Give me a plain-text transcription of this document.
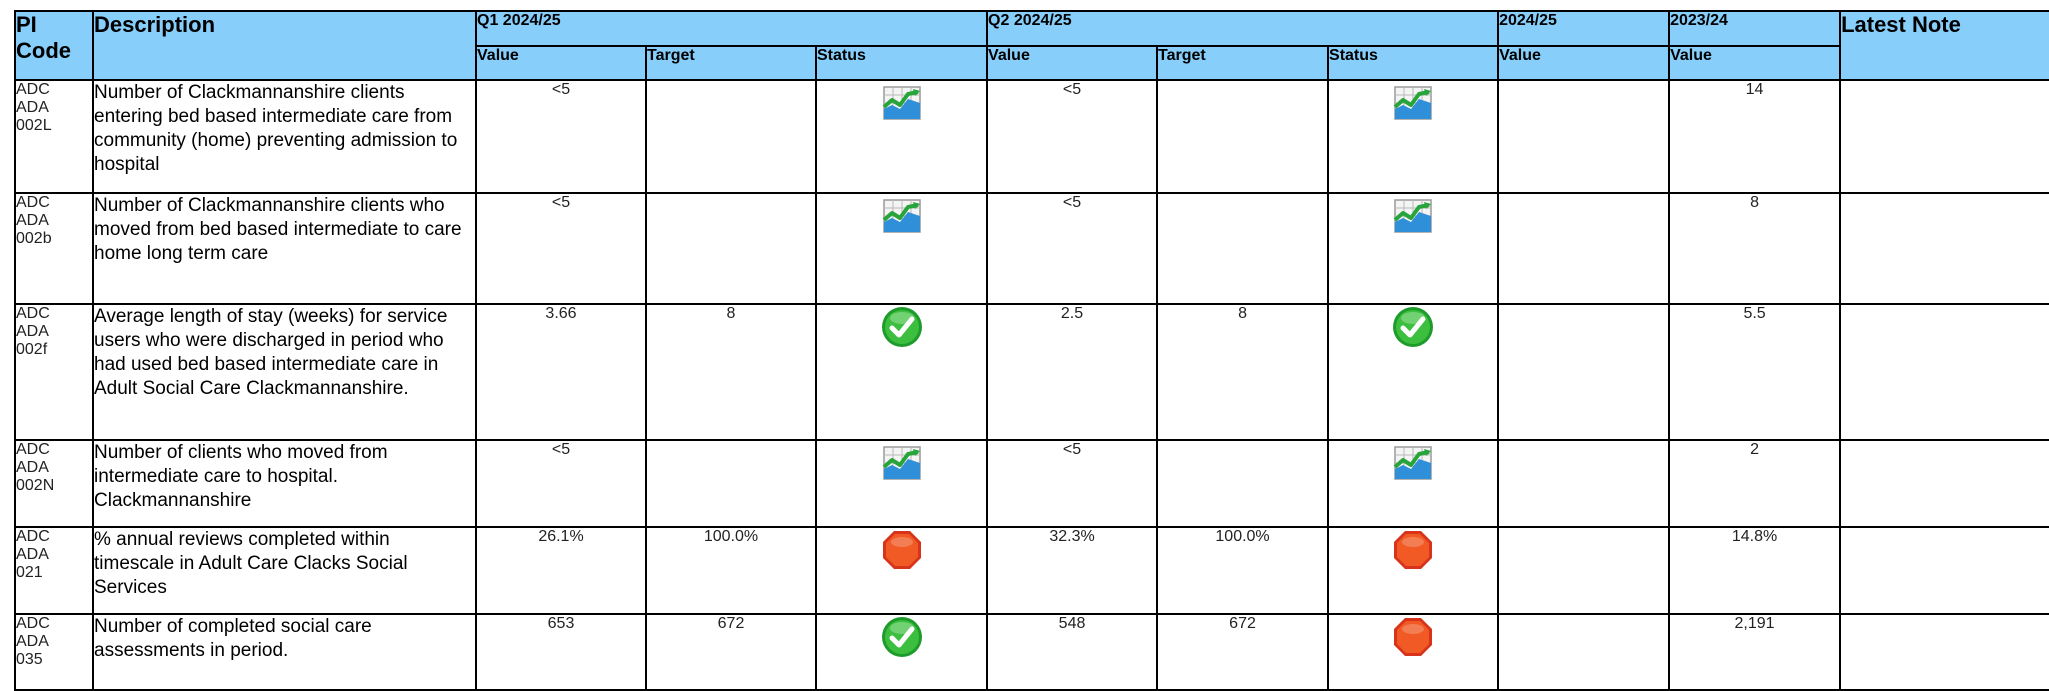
PI Code	Description	Q1 2024/25			Q2 2024/25			2024/25	2023/24	Latest Note
		Value	Target	Status	Value	Target	Status	Value	Value	
ADC
ADA
002L	Number of Clackmannanshire clients entering bed based intermediate care from community (home) preventing admission to hospital	<5			<5				14	
ADC
ADA
002b	Number of Clackmannanshire clients who moved from bed based intermediate to care home long term care	<5			<5				8	
ADC
ADA
002f	Average length of stay (weeks) for service users who were discharged in period who had used bed based intermediate care in Adult Social Care Clackmannanshire.	3.66	8		2.5	8			5.5	
ADC
ADA
002N	Number of clients who moved from intermediate care to hospital. Clackmannanshire	<5			<5				2	
ADC
ADA
021	% annual reviews completed within timescale in Adult Care Clacks Social Services	26.1%	100.0%		32.3%	100.0%			14.8%	
ADC
ADA
035	Number of completed social care assessments in period.	653	672		548	672			2,191	
